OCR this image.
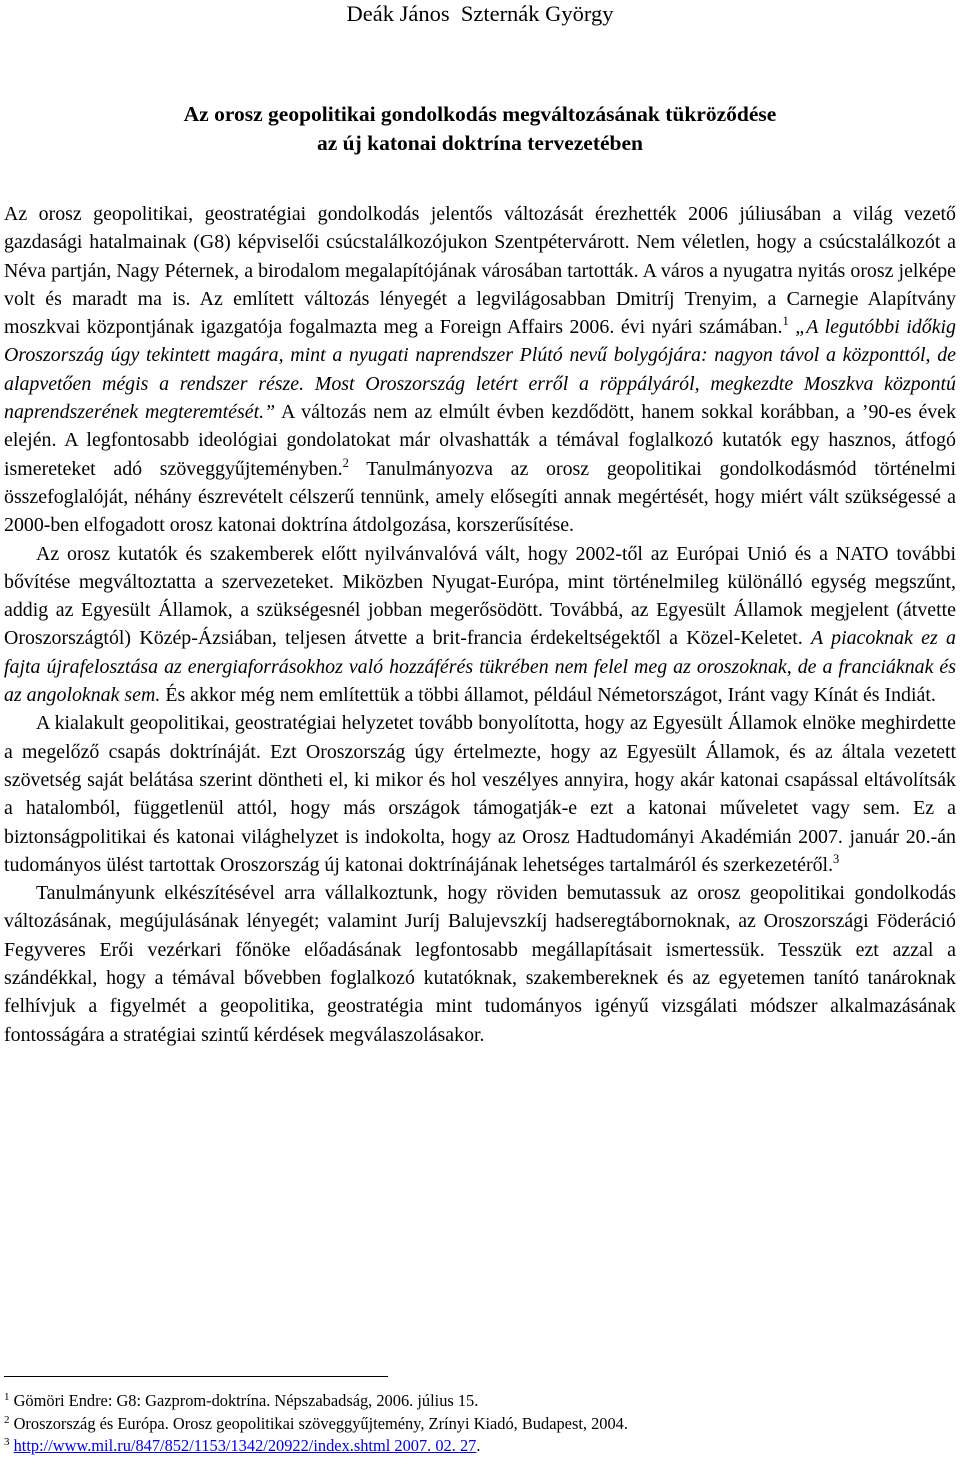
Deák János  Szternák György
Az orosz geopolitikai gondolkodás megváltozásának tükröződése
az új katonai doktrína tervezetében

Az orosz geopolitikai, geostratégiai gondolkodás jelentős változását érezhették 2006 júliusában a világ vezető gazdasági hatalmainak (G8) képviselői csúcstalálkozójukon Szentpétervárott. Nem véletlen, hogy a csúcstalálkozót a Néva partján, Nagy Péternek, a birodalom megalapítójának városában tartották. A város a nyugatra nyitás orosz jelképe volt és maradt ma is. Az említett változás lényegét a legvilágosabban Dmitríj Trenyim, a Carnegie Alapítvány moszkvai központjának igazgatója fogalmazta meg a Foreign Affairs 2006. évi nyári számában.$^1$ „A legutóbbi időkig Oroszország úgy tekintett magára, mint a nyugati naprendszer Plútó nevű bolygójára: nagyon távol a központtól, de alapvetően mégis a rendszer része. Most Oroszország letért erről a röppályáról, megkezdte Moszkva központú naprendszerének megteremtését.” A változás nem az elmúlt évben kezdődött, hanem sokkal korábban, a ’90-es évek elején. A legfontosabb ideológiai gondolatokat már olvashatták a témával foglalkozó kutatók egy hasznos, átfogó ismereteket adó szöveggyűjteményben.$^2$ Tanulmányozva az orosz geopolitikai gondolkodásmód történelmi összefoglalóját, néhány észrevételt célszerű tennünk, amely elősegíti annak megértését, hogy miért vált szükségessé a 2000-ben elfogadott orosz katonai doktrína átdolgozása, korszerűsítése.

Az orosz kutatók és szakemberek előtt nyilvánvalóvá vált, hogy 2002-től az Európai Unió és a NATO további bővítése megváltoztatta a szervezeteket. Miközben Nyugat-Európa, mint történelmileg különálló egység megszűnt, addig az Egyesült Államok, a szükségesnél jobban megerősödött. Továbbá, az Egyesült Államok megjelent (átvette Oroszországtól) Közép-Ázsiában, teljesen átvette a brit-francia érdekeltségektől a Közel-Keletet. A piacoknak ez a fajta újrafelosztása az energiaforrásokhoz való hozzáférés tükrében nem felel meg az oroszoknak, de a franciáknak és az angoloknak sem. És akkor még nem említettük a többi államot, például Németországot, Iránt vagy Kínát és Indiát.

A kialakult geopolitikai, geostratégiai helyzetet tovább bonyolította, hogy az Egyesült Államok elnöke meghirdette a megelőző csapás doktrínáját. Ezt Oroszország úgy értelmezte, hogy az Egyesült Államok, és az általa vezetett szövetség saját belátása szerint döntheti el, ki mikor és hol veszélyes annyira, hogy akár katonai csapással eltávolítsák a hatalomból, függetlenül attól, hogy más országok támogatják-e ezt a katonai műveletet vagy sem. Ez a biztonságpolitikai és katonai világhelyzet is indokolta, hogy az Orosz Hadtudományi Akadémián 2007. január 20.-án tudományos ülést tartottak Oroszország új katonai doktrínájának lehetséges tartalmáról és szerkezetéről.$^3$

Tanulmányunk elkészítésével arra vállalkoztunk, hogy röviden bemutassuk az orosz geopolitikai gondolkodás változásának, megújulásának lényegét; valamint Juríj Balujevszkíj hadseregtábornoknak, az Oroszországi Föderáció Fegyveres Erői vezérkari főnöke előadásának legfontosabb megállapításait ismertessük. Tesszük ezt azzal a szándékkal, hogy a témával bővebben foglalkozó kutatóknak, szakembereknek és az egyetemen tanító tanároknak felhívjuk a figyelmét a geopolitika, geostratégia mint tudományos igényű vizsgálati módszer alkalmazásának fontosságára a stratégiai szintű kérdések megválaszolásakor.

$^1$ Gömöri Endre: G8: Gazprom-doktrína. Népszabadság, 2006. július 15.
$^2$ Oroszország és Európa. Orosz geopolitikai szöveggyűjtemény, Zrínyi Kiadó, Budapest, 2004.
$^3$ http://www.mil.ru/847/852/1153/1342/20922/index.shtml 2007. 02. 27.
